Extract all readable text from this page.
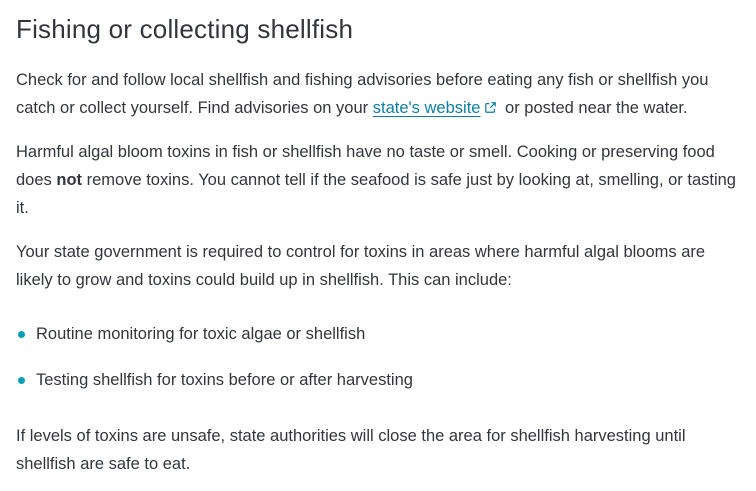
Fishing or collecting shellfish

Check for and follow local shellfish and fishing advisories before eating any fish or shellfish you catch or collect yourself. Find advisories on your state's website
or posted near the water.

Harmful algal bloom toxins in fish or shellfish have no taste or smell. Cooking or preserving food does not remove toxins. You cannot tell if the seafood is safe just by looking at, smelling, or tasting it.

Your state government is required to control for toxins in areas where harmful algal blooms are likely to grow and toxins could build up in shellfish. This can include:

Routine monitoring for toxic algae or shellfish
Testing shellfish for toxins before or after harvesting

If levels of toxins are unsafe, state authorities will close the area for shellfish harvesting until shellfish are safe to eat.
